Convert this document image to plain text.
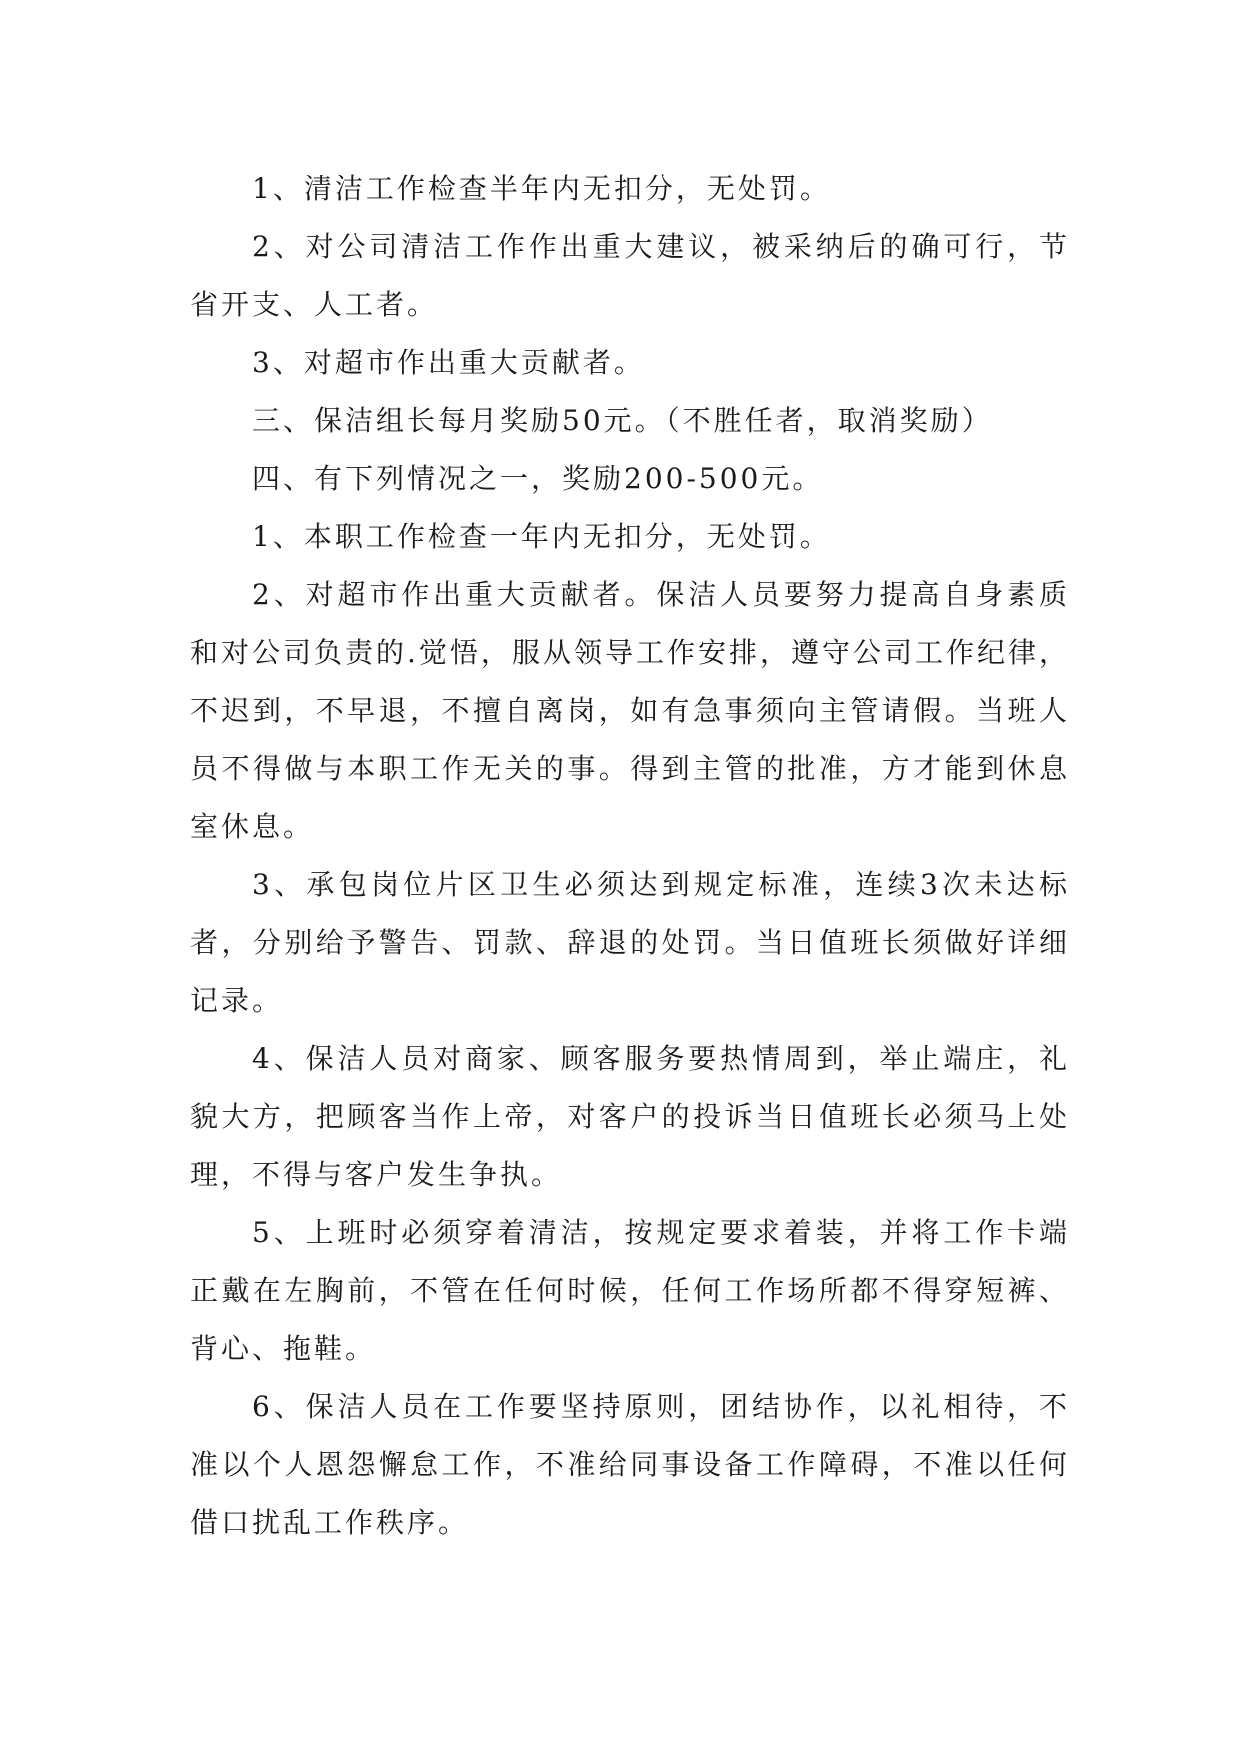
1、清洁工作检查半年内无扣分，无处罚。

2、对公司清洁工作作出重大建议，被采纳后的确可行，节省开支、人工者。

3、对超市作出重大贡献者。

三、保洁组长每月奖励50元。（不胜任者，取消奖励）

四、有下列情况之一，奖励200-500元。

1、本职工作检查一年内无扣分，无处罚。

2、对超市作出重大贡献者。保洁人员要努力提高自身素质和对公司负责的.觉悟，服从领导工作安排，遵守公司工作纪律，不迟到，不早退，不擅自离岗，如有急事须向主管请假。当班人员不得做与本职工作无关的事。得到主管的批准，方才能到休息室休息。

3、承包岗位片区卫生必须达到规定标准，连续3次未达标者，分别给予警告、罚款、辞退的处罚。当日值班长须做好详细记录。

4、保洁人员对商家、顾客服务要热情周到，举止端庄，礼貌大方，把顾客当作上帝，对客户的投诉当日值班长必须马上处理，不得与客户发生争执。

5、上班时必须穿着清洁，按规定要求着装，并将工作卡端正戴在左胸前，不管在任何时候，任何工作场所都不得穿短裤、背心、拖鞋。

6、保洁人员在工作要坚持原则，团结协作，以礼相待，不准以个人恩怨懈怠工作，不准给同事设备工作障碍，不准以任何借口扰乱工作秩序。
